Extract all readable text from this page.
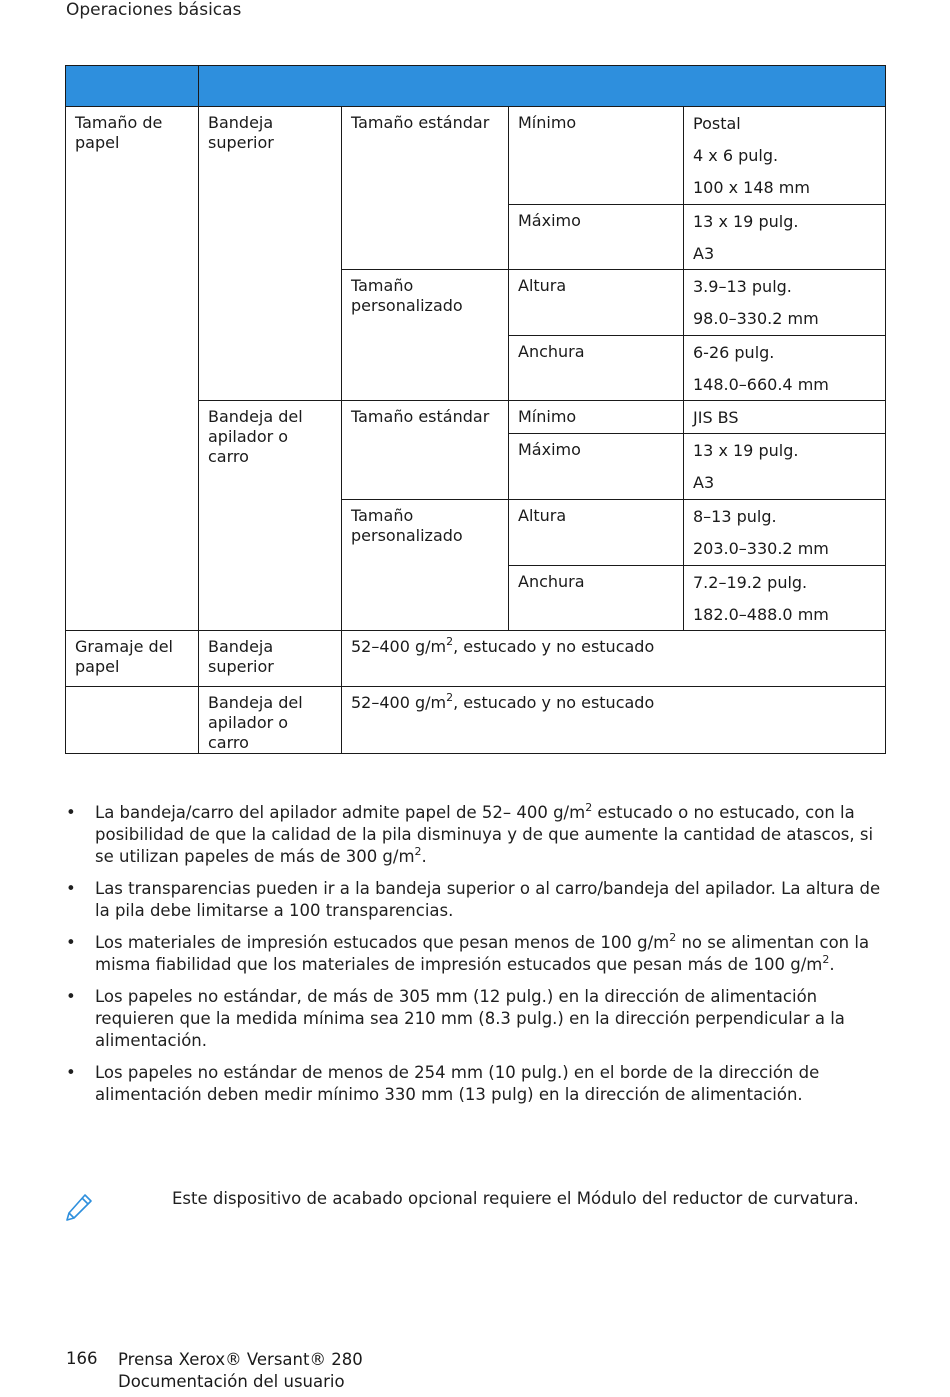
Operaciones básicas

Tamaño de papel	Bandeja superior	Tamaño estándar	Mínimo	Postal
4 x 6 pulg.
100 x 148 mm

			Máximo	13 x 19 pulg.
A3

		Tamaño personalizado	Altura	3.9–13 pulg.
98.0–330.2 mm

			Anchura	6-26 pulg.
148.0–660.4 mm

	Bandeja del apilador o carro	Tamaño estándar	Mínimo	JIS BS

			Máximo	13 x 19 pulg.
A3

		Tamaño personalizado	Altura	8–13 pulg.
203.0–330.2 mm

			Anchura	7.2–19.2 pulg.
182.0–488.0 mm

Gramaje del papel	Bandeja superior	52–400 $g/m^2$, estucado y no estucado		
	Bandeja del apilador o carro	52–400 $g/m^2$, estucado y no estucado		
• La bandeja/carro del apilador admite papel de 52– 400 $g/m^2$ estucado o no estucado, con la posibilidad de que la calidad de la pila disminuya y de que aumente la cantidad de atascos, si se utilizan papeles de más de 300 $g/m^2$.
• Las transparencias pueden ir a la bandeja superior o al carro/bandeja del apilador. La altura de la pila debe limitarse a 100 transparencias.
• Los materiales de impresión estucados que pesan menos de 100 $g/m^2$ no se alimentan con la misma fiabilidad que los materiales de impresión estucados que pesan más de 100 $g/m^2$.
• Los papeles no estándar, de más de 305 mm (12 pulg.) en la dirección de alimentación requieren que la medida mínima sea 210 mm (8.3 pulg.) en la dirección perpendicular a la alimentación.
• Los papeles no estándar de menos de 254 mm (10 pulg.) en el borde de la dirección de alimentación deben medir mínimo 330 mm (13 pulg) en la dirección de alimentación.
Este dispositivo de acabado opcional requiere el Módulo del reductor de curvatura.
166 Prensa Xerox® Versant® 280
Documentación del usuario
